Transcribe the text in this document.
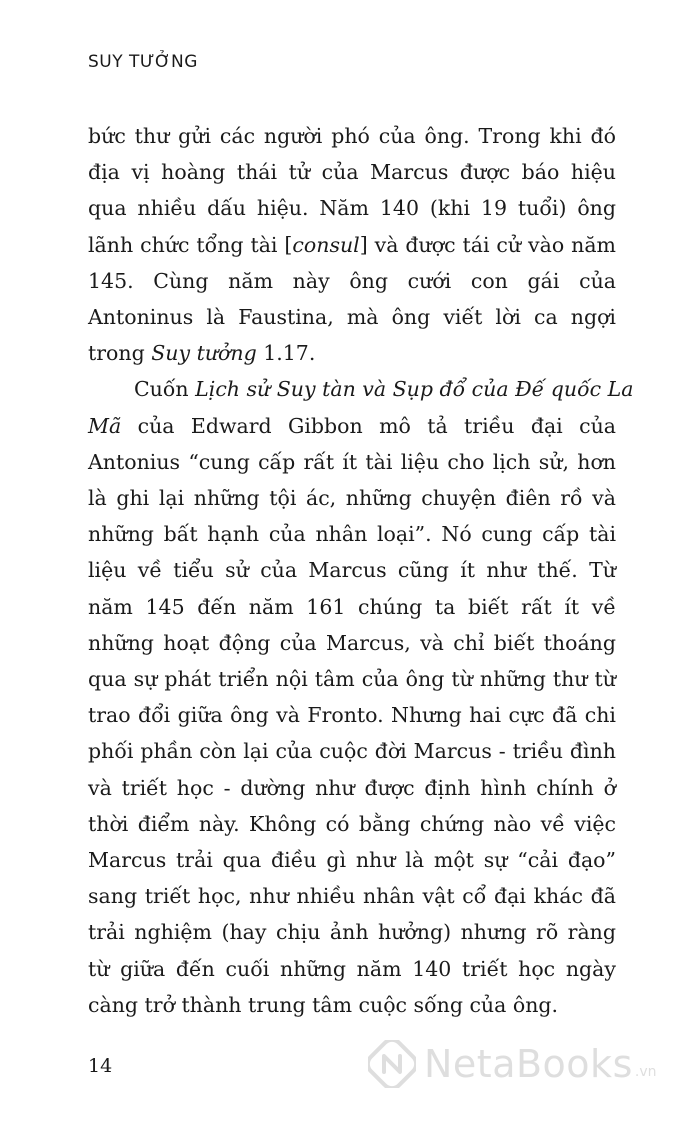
SUY TƯỞNG
bức thư gửi các người phó của ông. Trong khi đó
địa vị hoàng thái tử của Marcus được báo hiệu
qua nhiều dấu hiệu. Năm 140 (khi 19 tuổi) ông
lãnh chức tổng tài [consul] và được tái cử vào năm
145. Cùng năm này ông cưới con gái của
Antoninus là Faustina, mà ông viết lời ca ngợi
trong Suy tưởng 1.17.
Cuốn Lịch sử Suy tàn và Sụp đổ của Đế quốc La
Mã của Edward Gibbon mô tả triều đại của
Antonius “cung cấp rất ít tài liệu cho lịch sử, hơn
là ghi lại những tội ác, những chuyện điên rồ và
những bất hạnh của nhân loại”. Nó cung cấp tài
liệu về tiểu sử của Marcus cũng ít như thế. Từ
năm 145 đến năm 161 chúng ta biết rất ít về
những hoạt động của Marcus, và chỉ biết thoáng
qua sự phát triển nội tâm của ông từ những thư từ
trao đổi giữa ông và Fronto. Nhưng hai cực đã chi
phối phần còn lại của cuộc đời Marcus - triều đình
và triết học - dường như được định hình chính ở
thời điểm này. Không có bằng chứng nào về việc
Marcus trải qua điều gì như là một sự “cải đạo”
sang triết học, như nhiều nhân vật cổ đại khác đã
trải nghiệm (hay chịu ảnh hưởng) nhưng rõ ràng
từ giữa đến cuối những năm 140 triết học ngày
càng trở thành trung tâm cuộc sống của ông.
14	NetaBooks .vn
